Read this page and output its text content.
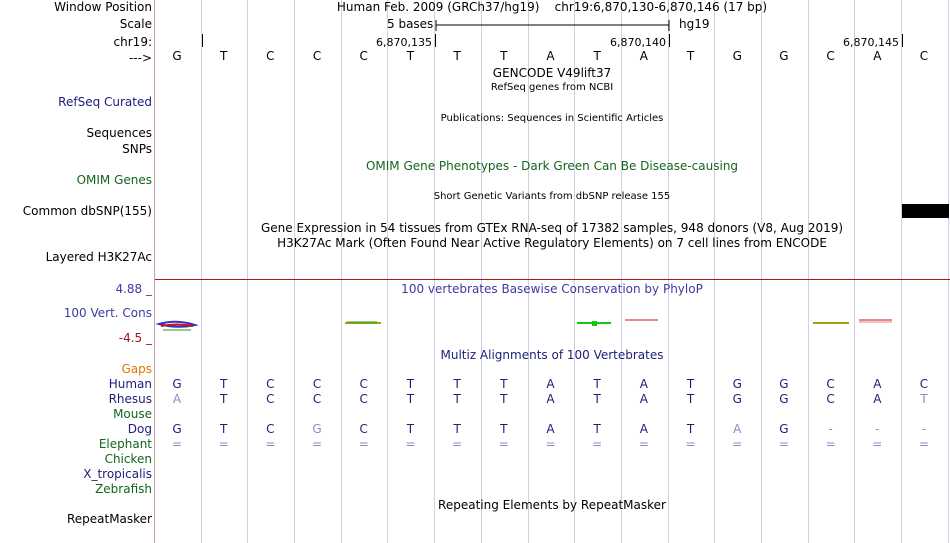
Window Position	Human Feb. 2009 (GRCh37/hg19)    chr19:6,870,130-6,870,146 (17 bp)
Scale	5 bases	hg19
chr19:	6,870,135	6,870,140	6,870,145
--->	G	T	C	C	C	T	T	T	A	T	A	T	G	G	C	A	C
GENCODE V49lift37
RefSeq genes from NCBI
RefSeq Curated
Publications: Sequences in Scientific Articles
Sequences
SNPs
OMIM Gene Phenotypes - Dark Green Can Be Disease-causing
OMIM Genes
Short Genetic Variants from dbSNP release 155
Common dbSNP(155)
Gene Expression in 54 tissues from GTEx RNA-seq of 17382 samples, 948 donors (V8, Aug 2019)
H3K27Ac Mark (Often Found Near Active Regulatory Elements) on 7 cell lines from ENCODE
Layered H3K27Ac
4.88 _	100 vertebrates Basewise Conservation by PhyloP
100 Vert. Cons
-4.5 _
Gaps
Multiz Alignments of 100 Vertebrates
Human	G	T	C	C	C	T	T	T	A	T	A	T	G	G	C	A	C
Rhesus	A	T	C	C	C	T	T	T	A	T	A	T	G	G	C	A	T
Mouse
Dog	G	T	C	G	C	T	T	T	A	T	A	T	A	G	-	-	-
Elephant	=	=	=	=	=	=	=	=	=	=	=	=	=	=	=	=	=
Chicken
X_tropicalis
Zebrafish
Repeating Elements by RepeatMasker
RepeatMasker
